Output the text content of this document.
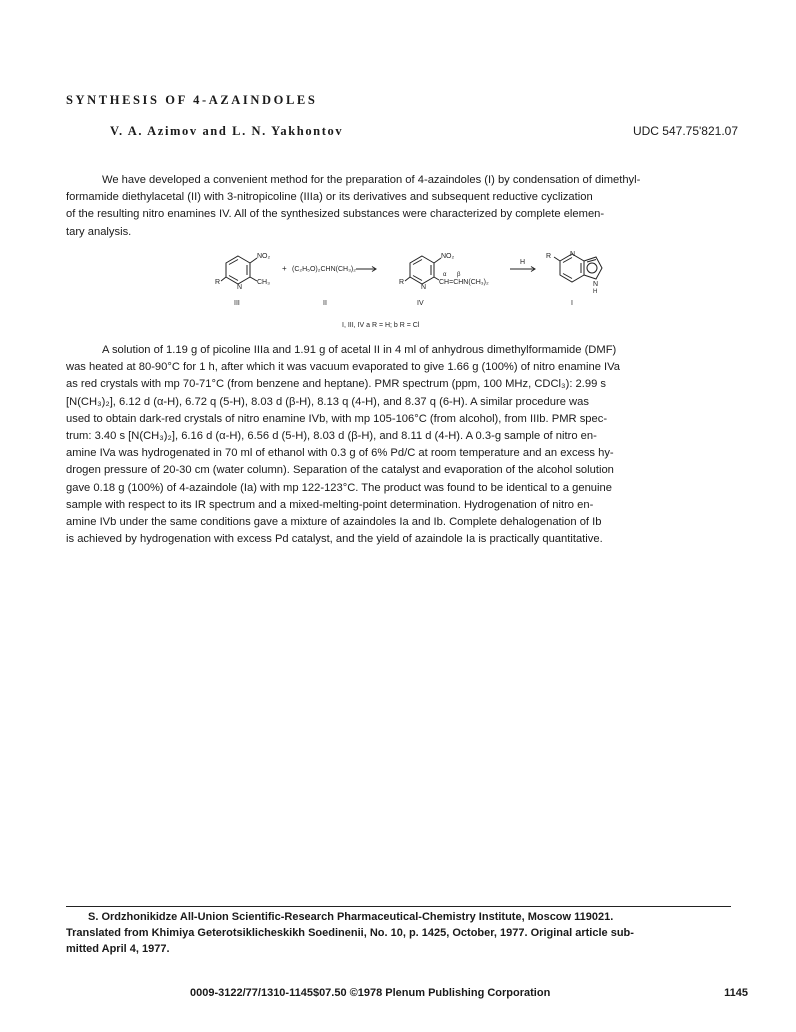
SYNTHESIS OF 4-AZAINDOLES
V. A. Azimov and L. N. Yakhontov	UDC 547.75'821.07
We have developed a convenient method for the preparation of 4-azaindoles (I) by condensation of dimethyl-
formamide diethylacetal (II) with 3-nitropicoline (IIIa) or its derivatives and subsequent reductive cyclization
of the resulting nitro enamines IV. All of the synthesized substances were characterized by complete elemen-
tary analysis.
NO₂
N
CH₃
R
+ (C₂H₅O)₂CHN(CH₃)₂
NO₂
N
R
α β
CH=CHN(CH₃)₂
H
R	N
N
H
III	II	IV	I
I, III, IV a R = H; b R = Cl
A solution of 1.19 g of picoline IIIa and 1.91 g of acetal II in 4 ml of anhydrous dimethylformamide (DMF)
was heated at 80-90°C for 1 h, after which it was vacuum evaporated to give 1.66 g (100%) of nitro enamine IVa
as red crystals with mp 70-71°C (from benzene and heptane). PMR spectrum (ppm, 100 MHz, CDCl₃): 2.99 s
[N(CH₃)₂], 6.12 d (α-H), 6.72 q (5-H), 8.03 d (β-H), 8.13 q (4-H), and 8.37 q (6-H). A similar procedure was
used to obtain dark-red crystals of nitro enamine IVb, with mp 105-106°C (from alcohol), from IIIb. PMR spec-
trum: 3.40 s [N(CH₃)₂], 6.16 d (α-H), 6.56 d (5-H), 8.03 d (β-H), and 8.11 d (4-H). A 0.3-g sample of nitro en-
amine IVa was hydrogenated in 70 ml of ethanol with 0.3 g of 6% Pd/C at room temperature and an excess hy-
drogen pressure of 20-30 cm (water column). Separation of the catalyst and evaporation of the alcohol solution
gave 0.18 g (100%) of 4-azaindole (Ia) with mp 122-123°C. The product was found to be identical to a genuine
sample with respect to its IR spectrum and a mixed-melting-point determination. Hydrogenation of nitro en-
amine IVb under the same conditions gave a mixture of azaindoles Ia and Ib. Complete dehalogenation of Ib
is achieved by hydrogenation with excess Pd catalyst, and the yield of azaindole Ia is practically quantitative.
S. Ordzhonikidze All-Union Scientific-Research Pharmaceutical-Chemistry Institute, Moscow 119021.
Translated from Khimiya Geterotsiklicheskikh Soedinenii, No. 10, p. 1425, October, 1977. Original article sub-
mitted April 4, 1977.
0009-3122/77/1310-1145$07.50 ©1978 Plenum Publishing Corporation	1145
